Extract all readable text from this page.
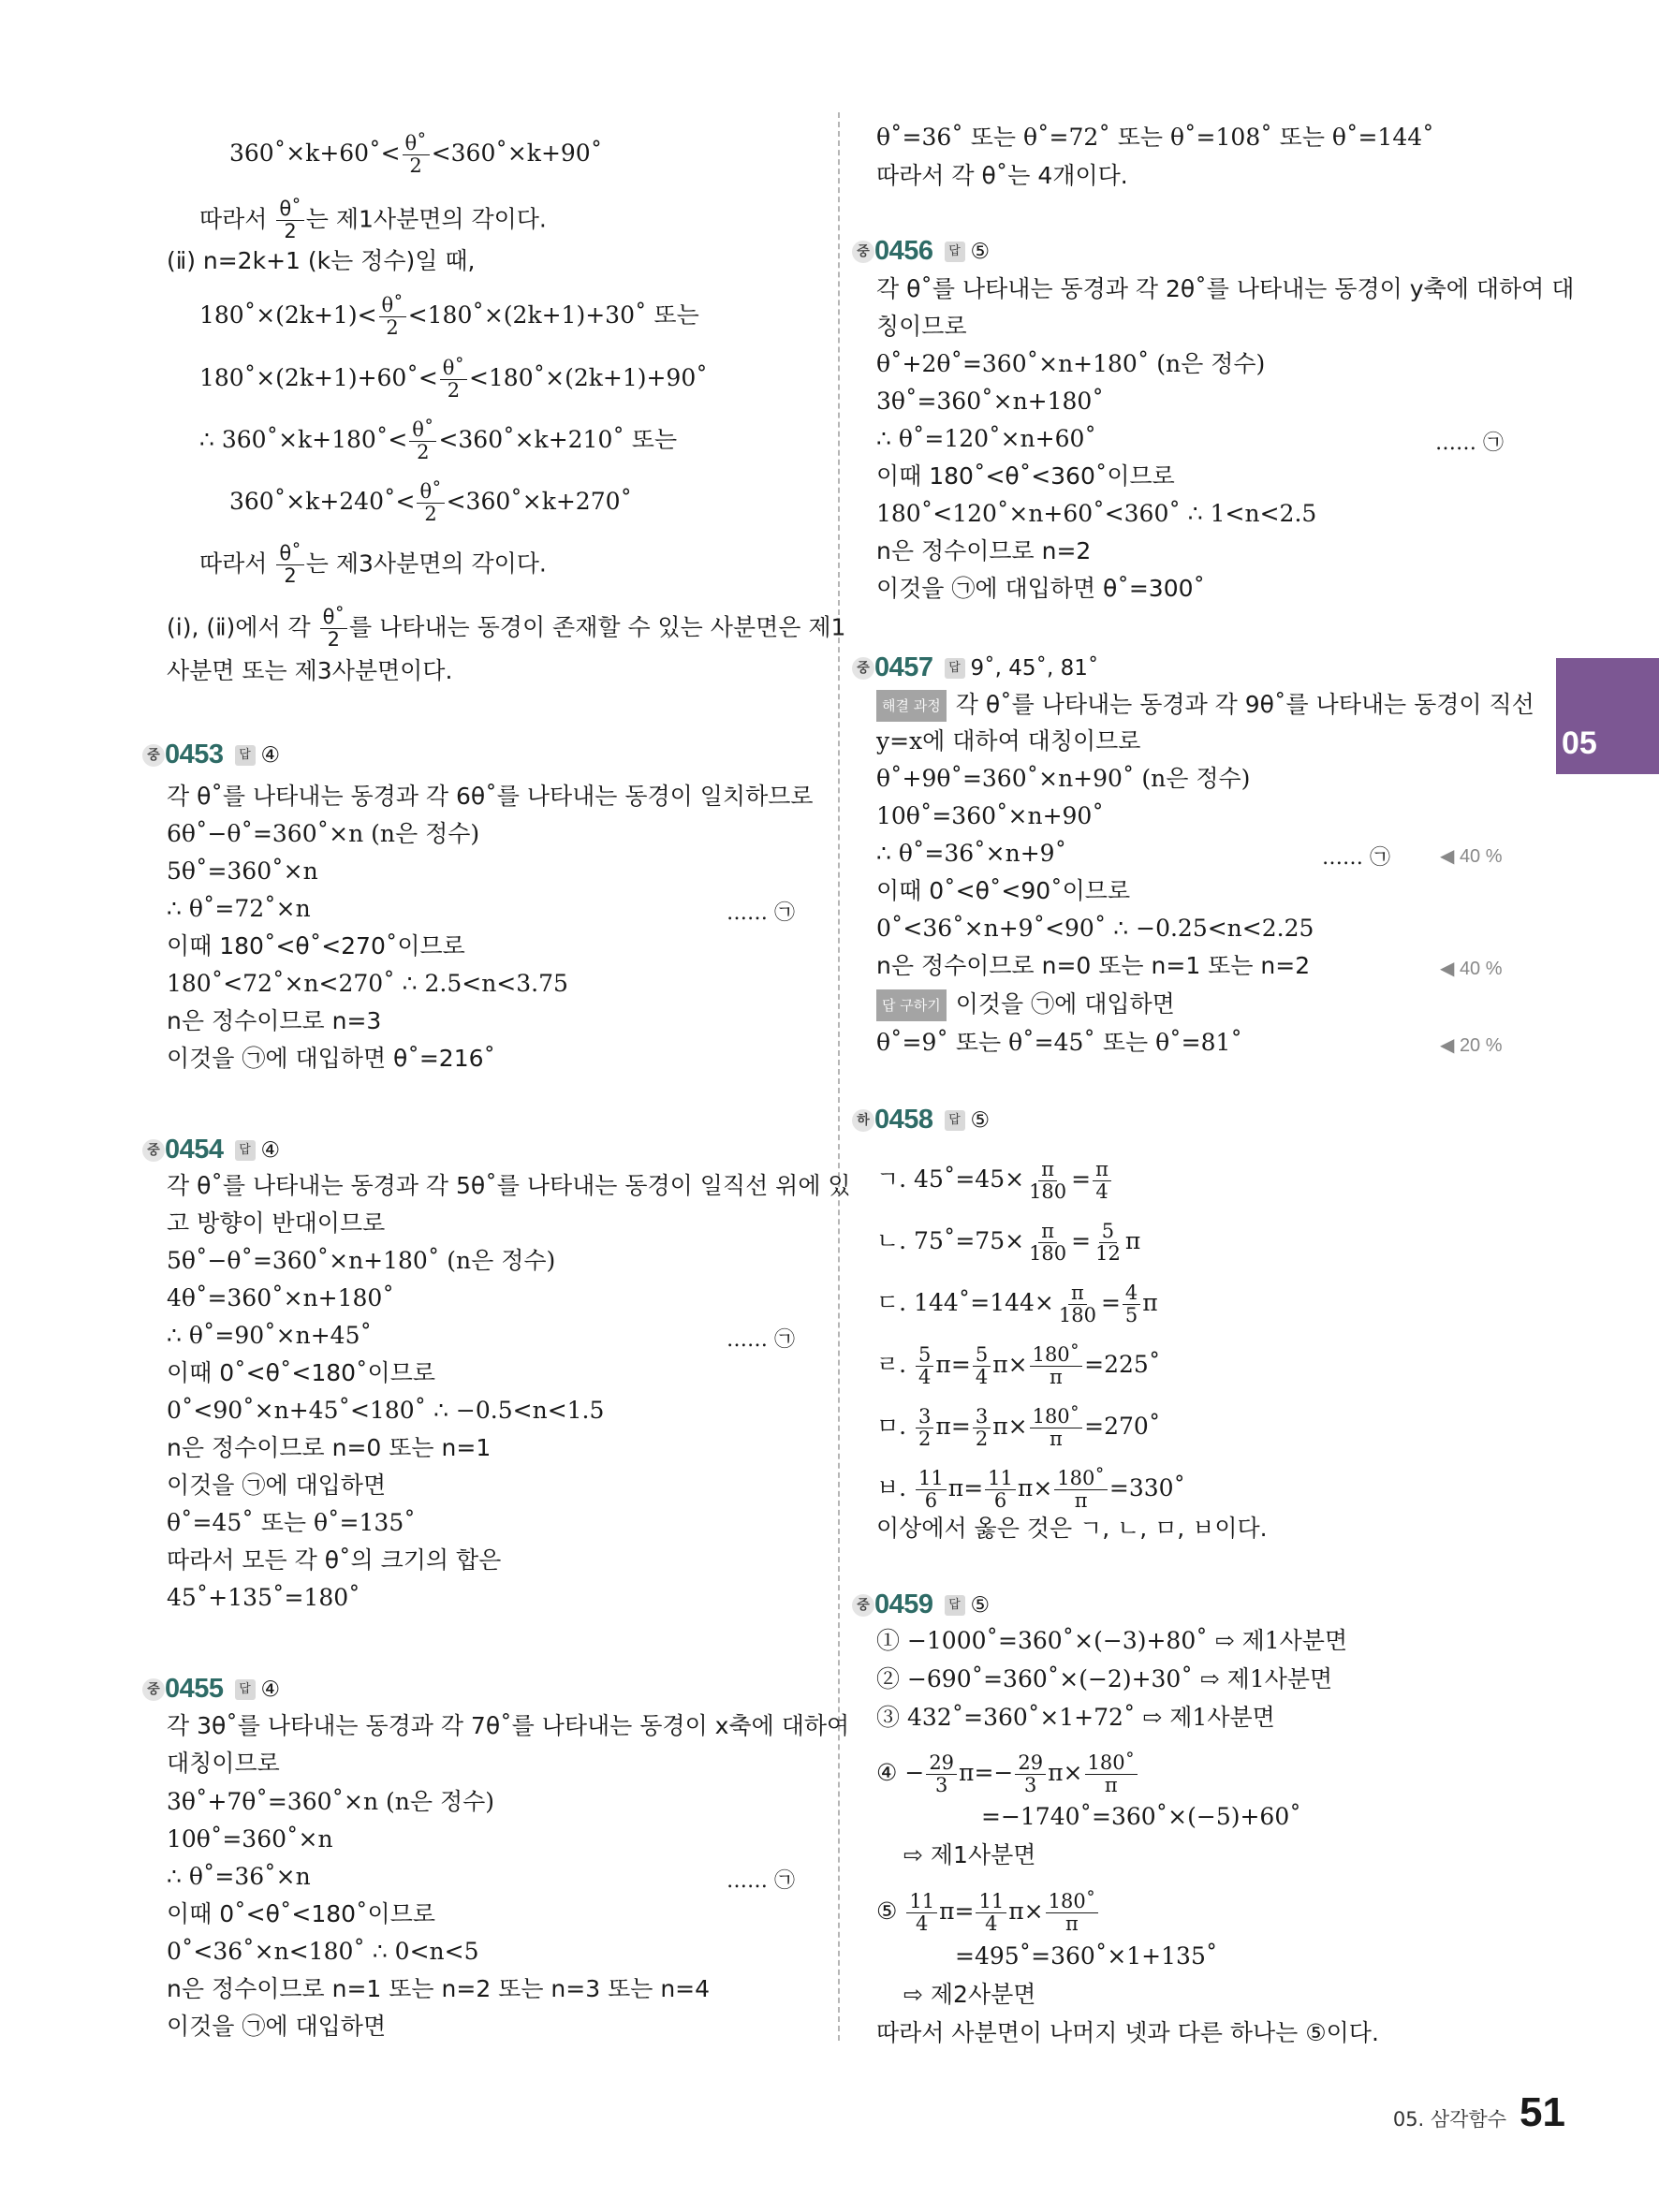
05
360˚×k+60˚< $\frac{\theta˚}{2}$ <360˚×k+90˚
따라서 $\frac{\theta˚}{2}$ 는 제1사분면의 각이다.
(ⅱ) n=2k+1 (k는 정수)일 때,
180˚×(2k+1)< $\frac{\theta˚}{2}$ <180˚×(2k+1)+30˚ 또는
180˚×(2k+1)+60˚< $\frac{\theta˚}{2}$ <180˚×(2k+1)+90˚
∴ 360˚×k+180˚< $\frac{\theta˚}{2}$ <360˚×k+210˚ 또는
360˚×k+240˚< $\frac{\theta˚}{2}$ <360˚×k+270˚
따라서 $\frac{\theta˚}{2}$ 는 제3사분면의 각이다.
(ⅰ), (ⅱ)에서 각 $\frac{\theta˚}{2}$ 를 나타내는 동경이 존재할 수 있는 사분면은 제1
사분면 또는 제3사분면이다.
중 0453 답 ④
각 θ˚를 나타내는 동경과 각 6θ˚를 나타내는 동경이 일치하므로
6θ˚−θ˚=360˚×n (n은 정수)
5θ˚=360˚×n
∴ θ˚=72˚×n	…… ㉠
이때 180˚<θ˚<270˚이므로
180˚<72˚×n<270˚ ∴ 2.5<n<3.75
n은 정수이므로 n=3
이것을 ㉠에 대입하면 θ˚=216˚
중 0454 답 ④
각 θ˚를 나타내는 동경과 각 5θ˚를 나타내는 동경이 일직선 위에 있
고 방향이 반대이므로
5θ˚−θ˚=360˚×n+180˚ (n은 정수)
4θ˚=360˚×n+180˚
∴ θ˚=90˚×n+45˚	…… ㉠
이때 0˚<θ˚<180˚이므로
0˚<90˚×n+45˚<180˚ ∴ −0.5<n<1.5
n은 정수이므로 n=0 또는 n=1
이것을 ㉠에 대입하면
θ˚=45˚ 또는 θ˚=135˚
따라서 모든 각 θ˚의 크기의 합은
45˚+135˚=180˚
중 0455 답 ④
각 3θ˚를 나타내는 동경과 각 7θ˚를 나타내는 동경이 x축에 대하여
대칭이므로
3θ˚+7θ˚=360˚×n (n은 정수)
10θ˚=360˚×n
∴ θ˚=36˚×n	…… ㉠
이때 0˚<θ˚<180˚이므로
0˚<36˚×n<180˚ ∴ 0<n<5
n은 정수이므로 n=1 또는 n=2 또는 n=3 또는 n=4
이것을 ㉠에 대입하면
θ˚=36˚ 또는 θ˚=72˚ 또는 θ˚=108˚ 또는 θ˚=144˚
따라서 각 θ˚는 4개이다.
중 0456 답 ⑤
각 θ˚를 나타내는 동경과 각 2θ˚를 나타내는 동경이 y축에 대하여 대
칭이므로
θ˚+2θ˚=360˚×n+180˚ (n은 정수)
3θ˚=360˚×n+180˚
∴ θ˚=120˚×n+60˚	…… ㉠
이때 180˚<θ˚<360˚이므로
180˚<120˚×n+60˚<360˚ ∴ 1<n<2.5
n은 정수이므로 n=2
이것을 ㉠에 대입하면 θ˚=300˚
중 0457 답 9˚, 45˚, 81˚
해결 과정 각 θ˚를 나타내는 동경과 각 9θ˚를 나타내는 동경이 직선
y=x에 대하여 대칭이므로
θ˚+9θ˚=360˚×n+90˚ (n은 정수)
10θ˚=360˚×n+90˚
∴ θ˚=36˚×n+9˚	…… ㉠	◀ 40 %
이때 0˚<θ˚<90˚이므로
0˚<36˚×n+9˚<90˚ ∴ −0.25<n<2.25
n은 정수이므로 n=0 또는 n=1 또는 n=2	◀ 40 %
답 구하기 이것을 ㉠에 대입하면
θ˚=9˚ 또는 θ˚=45˚ 또는 θ˚=81˚	◀ 20 %
하 0458 답 ⑤
ㄱ. 45˚=45× $\frac{\pi}{180} = \frac{\pi}{4}$
ㄴ. 75˚=75× $\frac{\pi}{180} = \frac{5}{12}$ π
ㄷ. 144˚=144× $\frac{\pi}{180} = \frac{4}{5}$ π
ㄹ. $\frac{5}{4} \pi= \frac{5}{4} \pi\times \frac{180˚}{\pi}$ =225˚
ㅁ. $\frac{3}{2} \pi= \frac{3}{2} \pi\times \frac{180˚}{\pi}$ =270˚
ㅂ. $\frac{11}{6} \pi= \frac{11}{6} \pi\times \frac{180˚}{\pi}$ =330˚
이상에서 옳은 것은 ㄱ, ㄴ, ㅁ, ㅂ이다.
중 0459 답 ⑤
① −1000˚=360˚×(−3)+80˚ ⇨ 제1사분면
② −690˚=360˚×(−2)+30˚ ⇨ 제1사분면
③ 432˚=360˚×1+72˚ ⇨ 제1사분면
④ − $\frac{29}{3} \pi=- \frac{29}{3} \pi\times \frac{180˚}{\pi}$
=−1740˚=360˚×(−5)+60˚
⇨ 제1사분면
⑤ $\frac{11}{4} \pi= \frac{11}{4} \pi\times \frac{180˚}{\pi}$
=495˚=360˚×1+135˚
⇨ 제2사분면
따라서 사분면이 나머지 넷과 다른 하나는 ⑤이다.
05. 삼각함수 51
